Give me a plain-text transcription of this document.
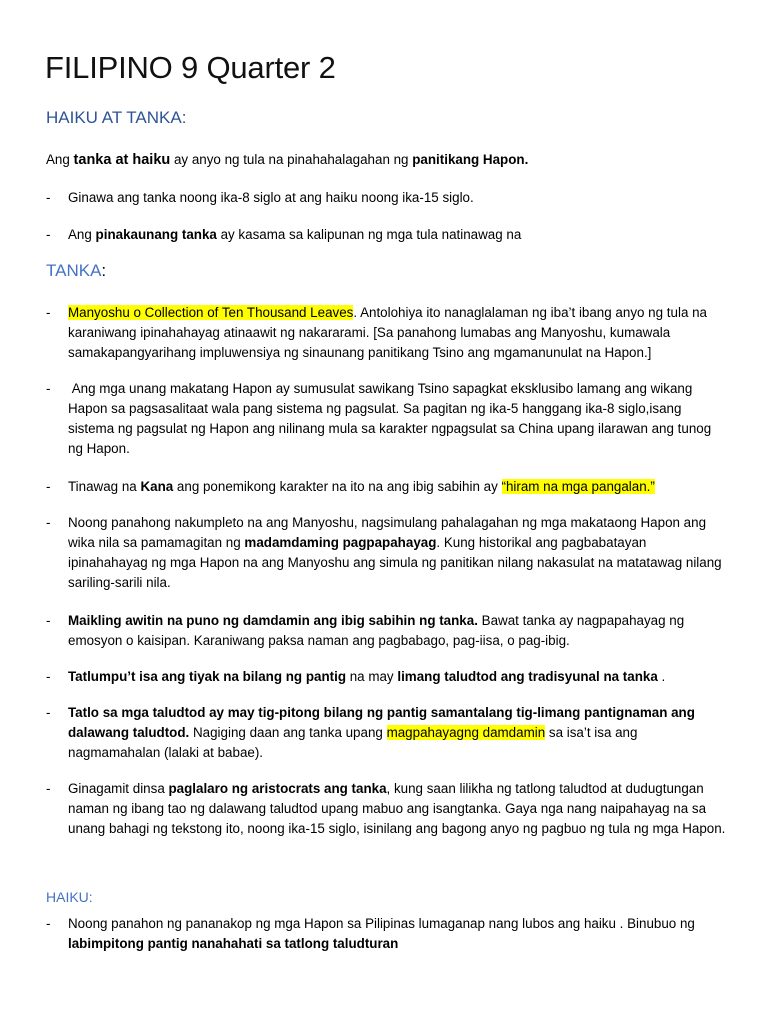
FILIPINO 9 Quarter 2
HAIKU AT TANKA:
Ang tanka at haiku ay anyo ng tula na pinahahalagahan ng panitikang Hapon.
-	Ginawa ang tanka noong ika-8 siglo at ang haiku noong ika-15 siglo.
-	Ang pinakaunang tanka ay kasama sa kalipunan ng mga tula natinawag na
TANKA:
-	Manyoshu o Collection of Ten Thousand Leaves. Antolohiya ito nanaglalaman ng iba’t ibang anyo ng tula na karaniwang ipinahahayag atinaawit ng nakararami. [Sa panahong lumabas ang Manyoshu, kumawala samakapangyarihang impluwensiya ng sinaunang panitikang Tsino ang mgamanunulat na Hapon.]
-	Ang mga unang makatang Hapon ay sumusulat sawikang Tsino sapagkat eksklusibo lamang ang wikang Hapon sa pagsasalitaat wala pang sistema ng pagsulat. Sa pagitan ng ika-5 hanggang ika-8 siglo,isang sistema ng pagsulat ng Hapon ang nilinang mula sa karakter ngpagsulat sa China upang ilarawan ang tunog ng Hapon.
-	Tinawag na Kana ang ponemikong karakter na ito na ang ibig sabihin ay “hiram na mga pangalan.”
-	Noong panahong nakumpleto na ang Manyoshu, nagsimulang pahalagahan ng mga makataong Hapon ang wika nila sa pamamagitan ng madamdaming pagpapahayag. Kung historikal ang pagbabatayan ipinahahayag ng mga Hapon na ang Manyoshu ang simula ng panitikan nilang nakasulat na matatawag nilang sariling-sarili nila.
-	Maikling awitin na puno ng damdamin ang ibig sabihin ng tanka. Bawat tanka ay nagpapahayag ng emosyon o kaisipan. Karaniwang paksa naman ang pagbabago, pag-iisa, o pag-ibig.
-	Tatlumpu’t isa ang tiyak na bilang ng pantig na may limang taludtod ang tradisyunal na tanka .
-	Tatlo sa mga taludtod ay may tig-pitong bilang ng pantig samantalang tig-limang pantignaman ang dalawang taludtod. Nagiging daan ang tanka upang magpahayagng damdamin sa isa’t isa ang nagmamahalan (lalaki at babae).
-	Ginagamit dinsa paglalaro ng aristocrats ang tanka, kung saan lilikha ng tatlong taludtod at dudugtungan naman ng ibang tao ng dalawang taludtod upang mabuo ang isangtanka. Gaya nga nang naipahayag na sa unang bahagi ng tekstong ito, noong ika-15 siglo, isinilang ang bagong anyo ng pagbuo ng tula ng mga Hapon.
HAIKU:
-	Noong panahon ng pananakop ng mga Hapon sa Pilipinas lumaganap nang lubos ang haiku . Binubuo ng labimpitong pantig nanahahati sa tatlong taludturan
